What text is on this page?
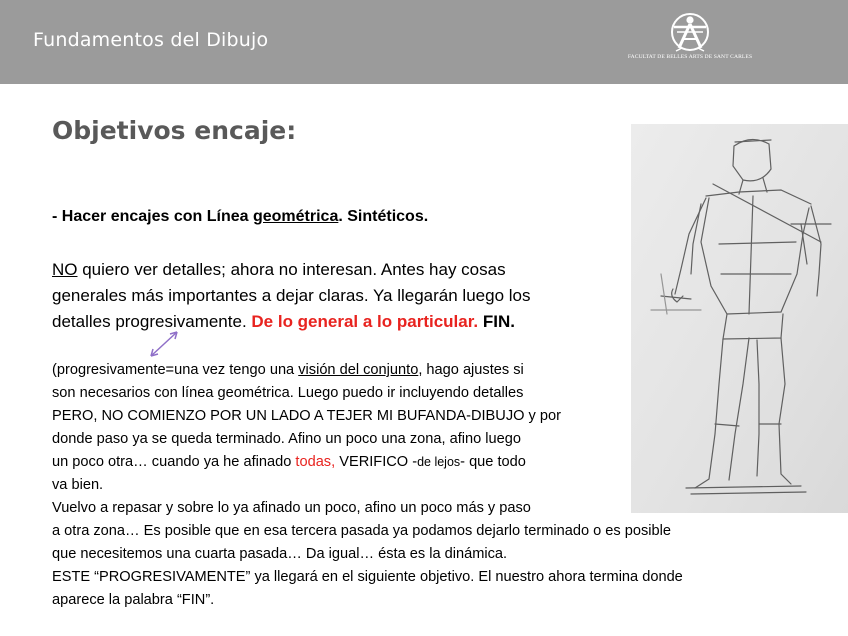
Fundamentos del Dibujo
FACULTAT DE BELLES ARTS DE SANT CARLES
Objetivos encaje:
- Hacer encajes con Línea geométrica. Sintéticos.
NO quiero ver detalles; ahora no interesan. Antes hay cosas
generales más importantes a dejar claras. Ya llegarán luego los
detalles progresivamente. De lo general a lo particular. FIN.
(progresivamente=una vez tengo una visión del conjunto, hago ajustes si
son necesarios con línea geométrica. Luego puedo ir incluyendo detalles
PERO, NO COMIENZO POR UN LADO A TEJER MI BUFANDA-DIBUJO y por
donde paso ya se queda terminado. Afino un poco una zona, afino luego
un poco otra… cuando ya he afinado todas, VERIFICO -de lejos- que todo
va bien.
Vuelvo a repasar y sobre lo ya afinado un poco, afino un poco más y paso
a otra zona… Es posible que en esa tercera pasada ya podamos dejarlo terminado o es posible
que necesitemos una cuarta pasada… Da igual… ésta es la dinámica.
ESTE “PROGRESIVAMENTE” ya llegará en el siguiente objetivo. El nuestro ahora termina donde
aparece la palabra “FIN”.
